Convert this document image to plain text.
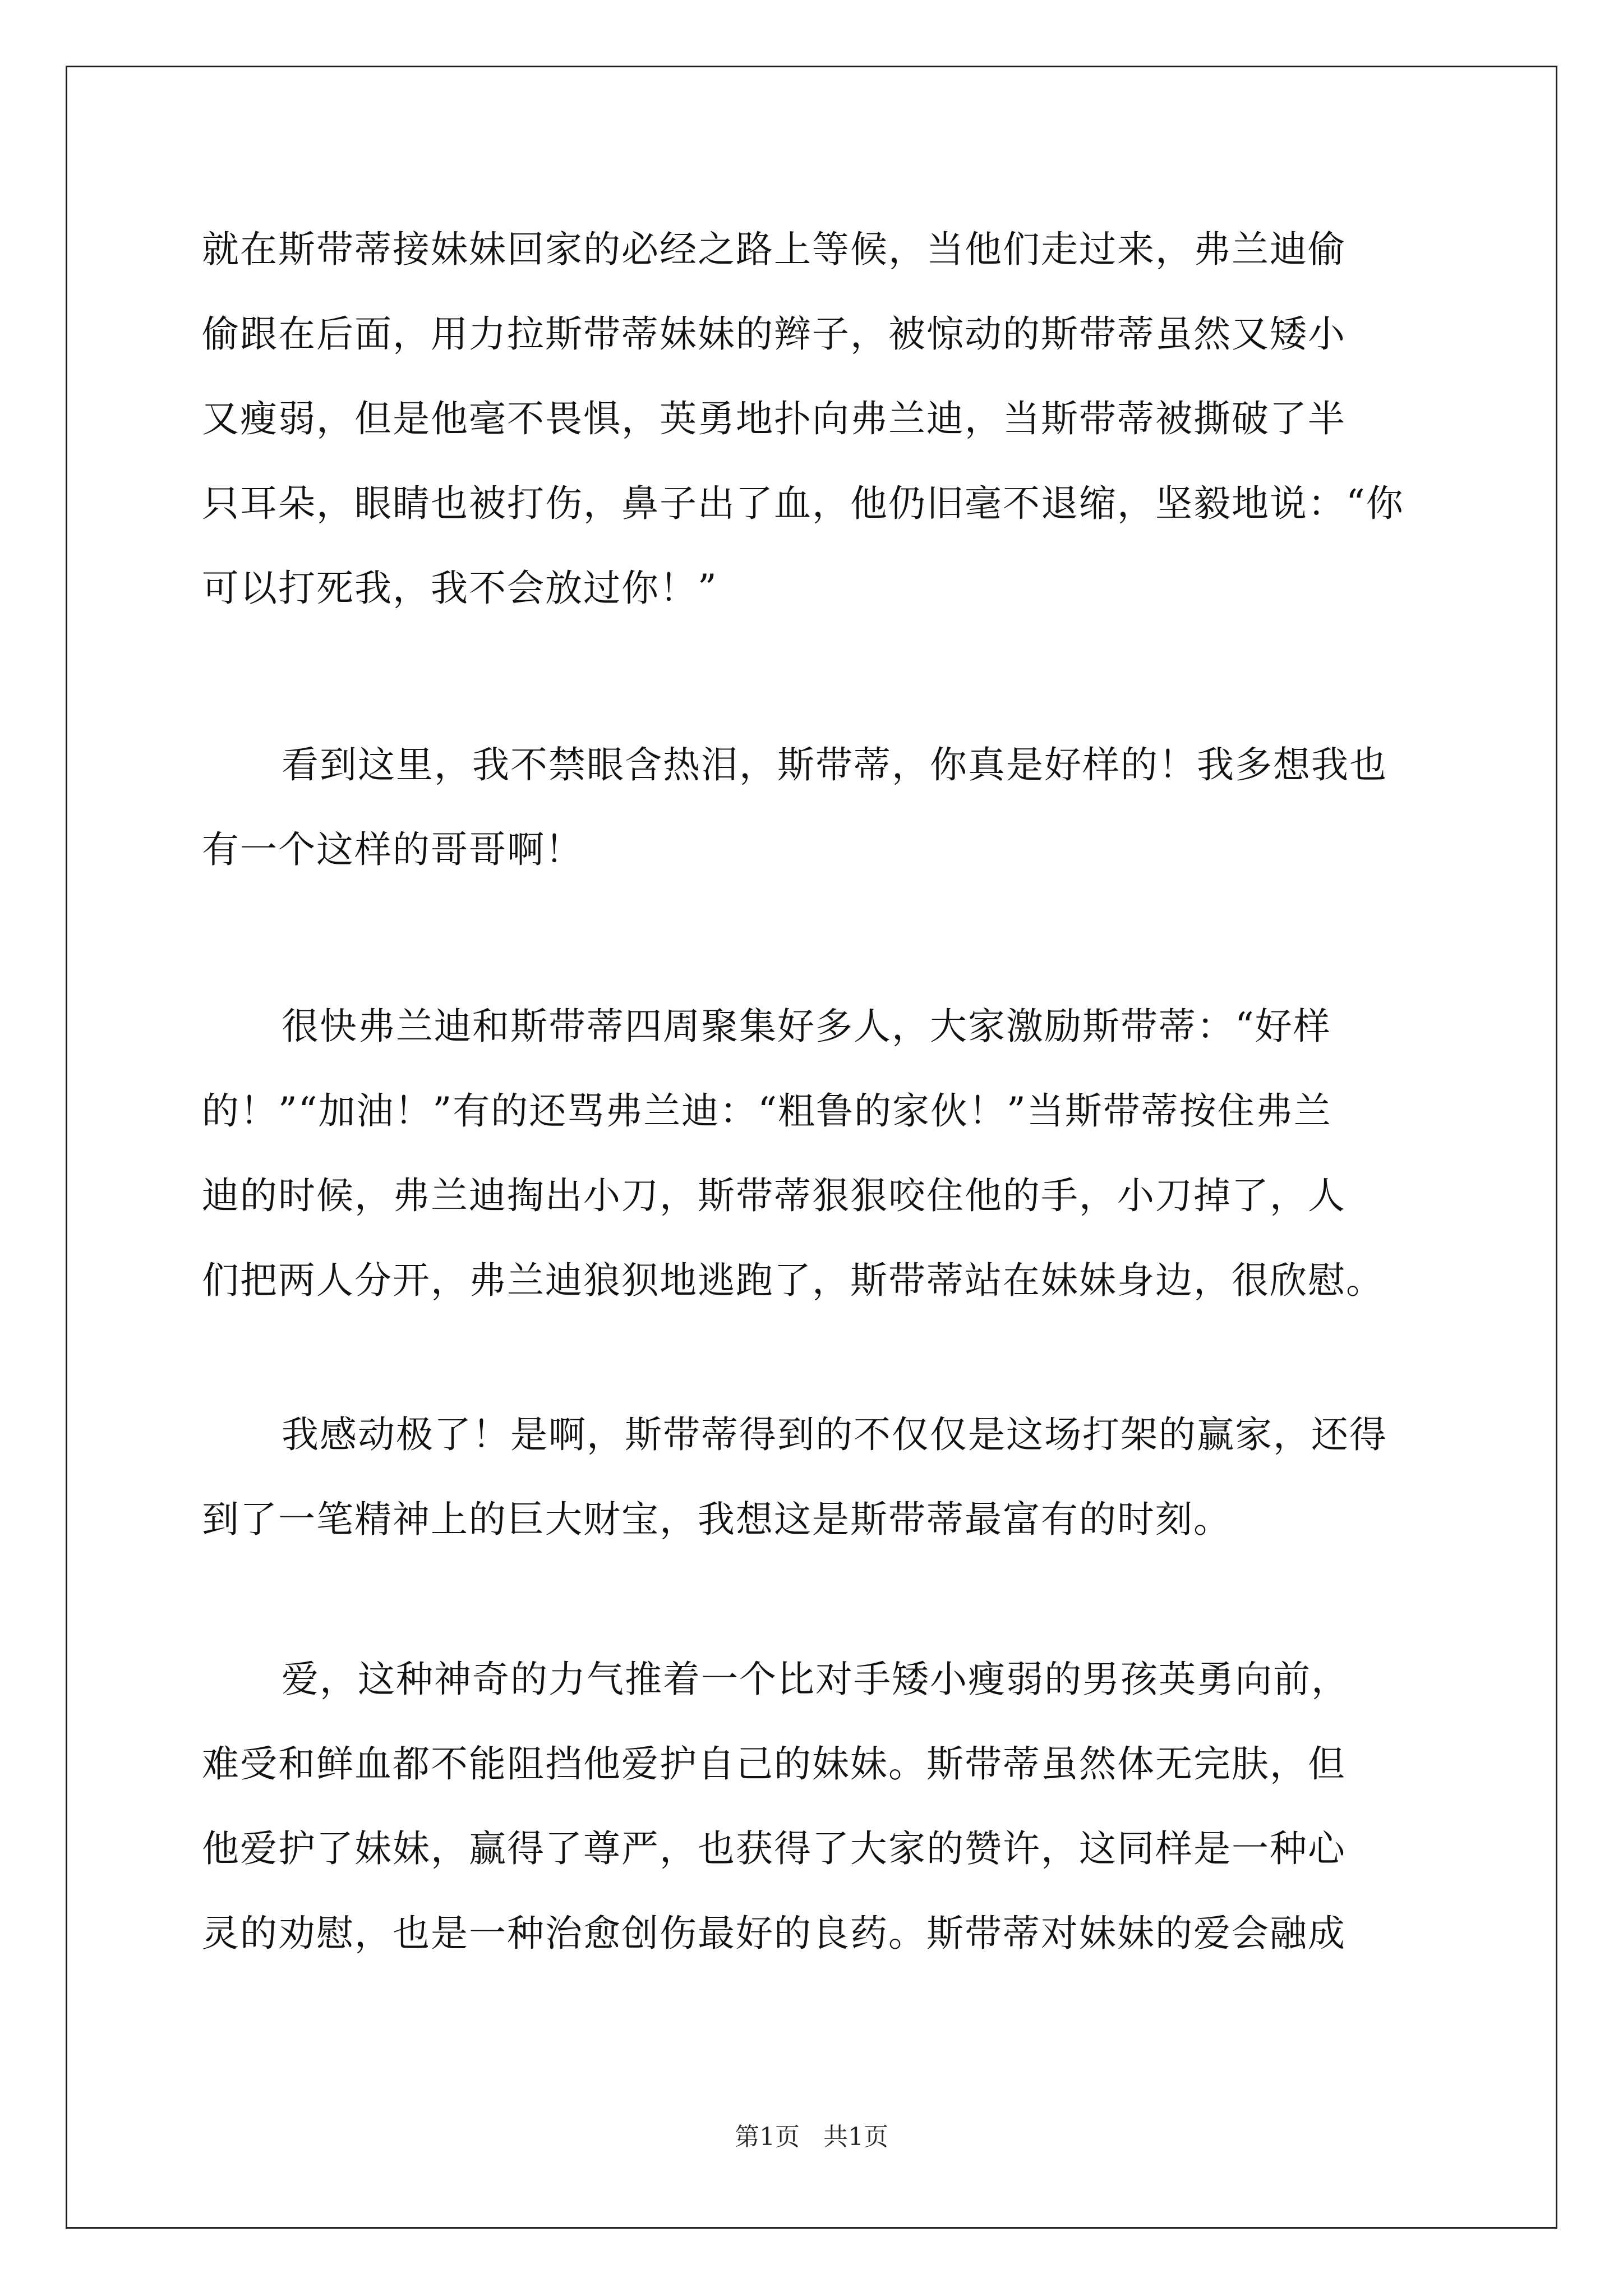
就在斯带蒂接妹妹回家的必经之路上等候，当他们走过来，弗兰迪偷
偷跟在后面，用力拉斯带蒂妹妹的辫子，被惊动的斯带蒂虽然又矮小
又瘦弱，但是他毫不畏惧，英勇地扑向弗兰迪，当斯带蒂被撕破了半
只耳朵，眼睛也被打伤，鼻子出了血，他仍旧毫不退缩，坚毅地说：“你
可以打死我，我不会放过你！”
看到这里，我不禁眼含热泪，斯带蒂，你真是好样的！我多想我也
有一个这样的哥哥啊！
很快弗兰迪和斯带蒂四周聚集好多人，大家激励斯带蒂：“好样
的！”“加油！”有的还骂弗兰迪：“粗鲁的家伙！”当斯带蒂按住弗兰
迪的时候，弗兰迪掏出小刀，斯带蒂狠狠咬住他的手，小刀掉了，人
们把两人分开，弗兰迪狼狈地逃跑了，斯带蒂站在妹妹身边，很欣慰。
我感动极了！是啊，斯带蒂得到的不仅仅是这场打架的赢家，还得
到了一笔精神上的巨大财宝，我想这是斯带蒂最富有的时刻。
爱，这种神奇的力气推着一个比对手矮小瘦弱的男孩英勇向前，
难受和鲜血都不能阻挡他爱护自己的妹妹。斯带蒂虽然体无完肤，但
他爱护了妹妹，赢得了尊严，也获得了大家的赞许，这同样是一种心
灵的劝慰，也是一种治愈创伤最好的良药。斯带蒂对妹妹的爱会融成
第1页 共1页
